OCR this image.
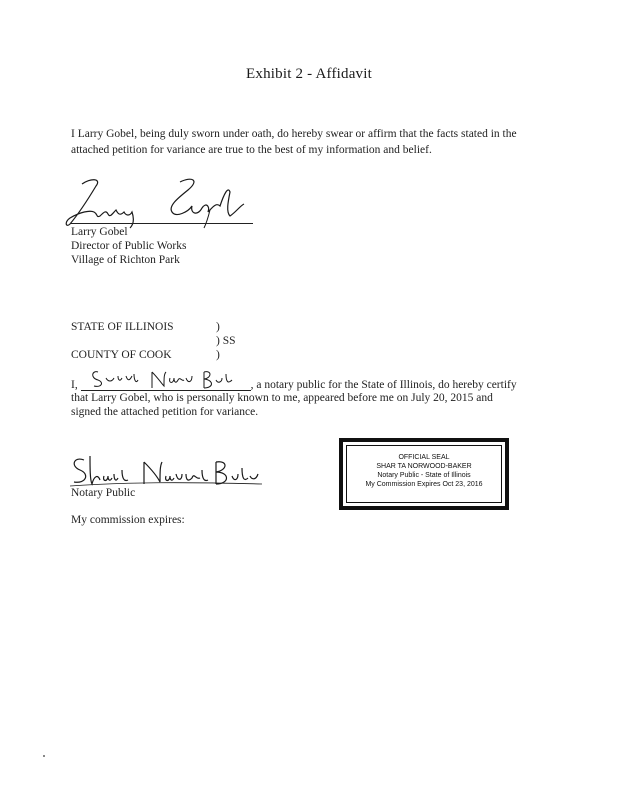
Exhibit 2 - Affidavit
I Larry Gobel, being duly sworn under oath, do hereby swear or affirm that the facts stated in the attached petition for variance are true to the best of my information and belief.
Larry Gobel
Director of Public Works
Village of Richton Park
STATE OF ILLINOIS	)
) SS
COUNTY OF COOK	)
I,	, a notary public for the State of Illinois, do hereby certify
that Larry Gobel, who is personally known to me, appeared before me on July 20, 2015 and
signed the attached petition for variance.
OFFICIAL SEAL
SHAR TA NORWOOD-BAKER
Notary Public - State of Illinois
My Commission Expires Oct 23, 2016
Notary Public
My commission expires:
